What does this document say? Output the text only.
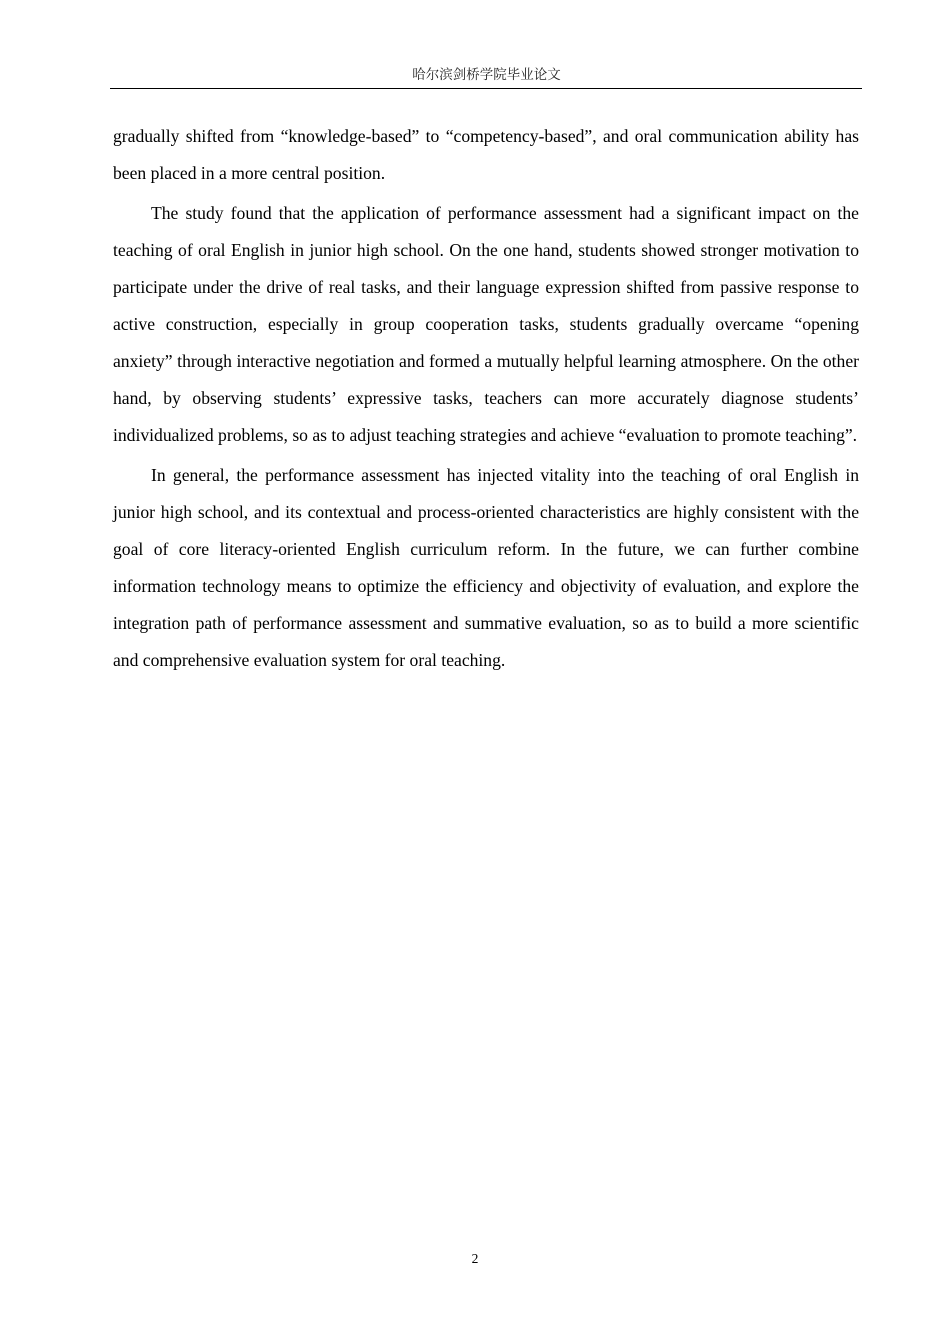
哈尔滨剑桥学院毕业论文

gradually shifted from “knowledge-based” to “competency-based”, and oral communication ability has been placed in a more central position.

The study found that the application of performance assessment had a significant impact on the teaching of oral English in junior high school. On the one hand, students showed stronger motivation to participate under the drive of real tasks, and their language expression shifted from passive response to active construction, especially in group cooperation tasks, students gradually overcame “opening anxiety” through interactive negotiation and formed a mutually helpful learning atmosphere. On the other hand, by observing students’ expressive tasks, teachers can more accurately diagnose students’ individualized problems, so as to adjust teaching strategies and achieve “evaluation to promote teaching”.

In general, the performance assessment has injected vitality into the teaching of oral English in junior high school, and its contextual and process-oriented characteristics are highly consistent with the goal of core literacy-oriented English curriculum reform. In the future, we can further combine information technology means to optimize the efficiency and objectivity of evaluation, and explore the integration path of performance assessment and summative evaluation, so as to build a more scientific and comprehensive evaluation system for oral teaching.

2
